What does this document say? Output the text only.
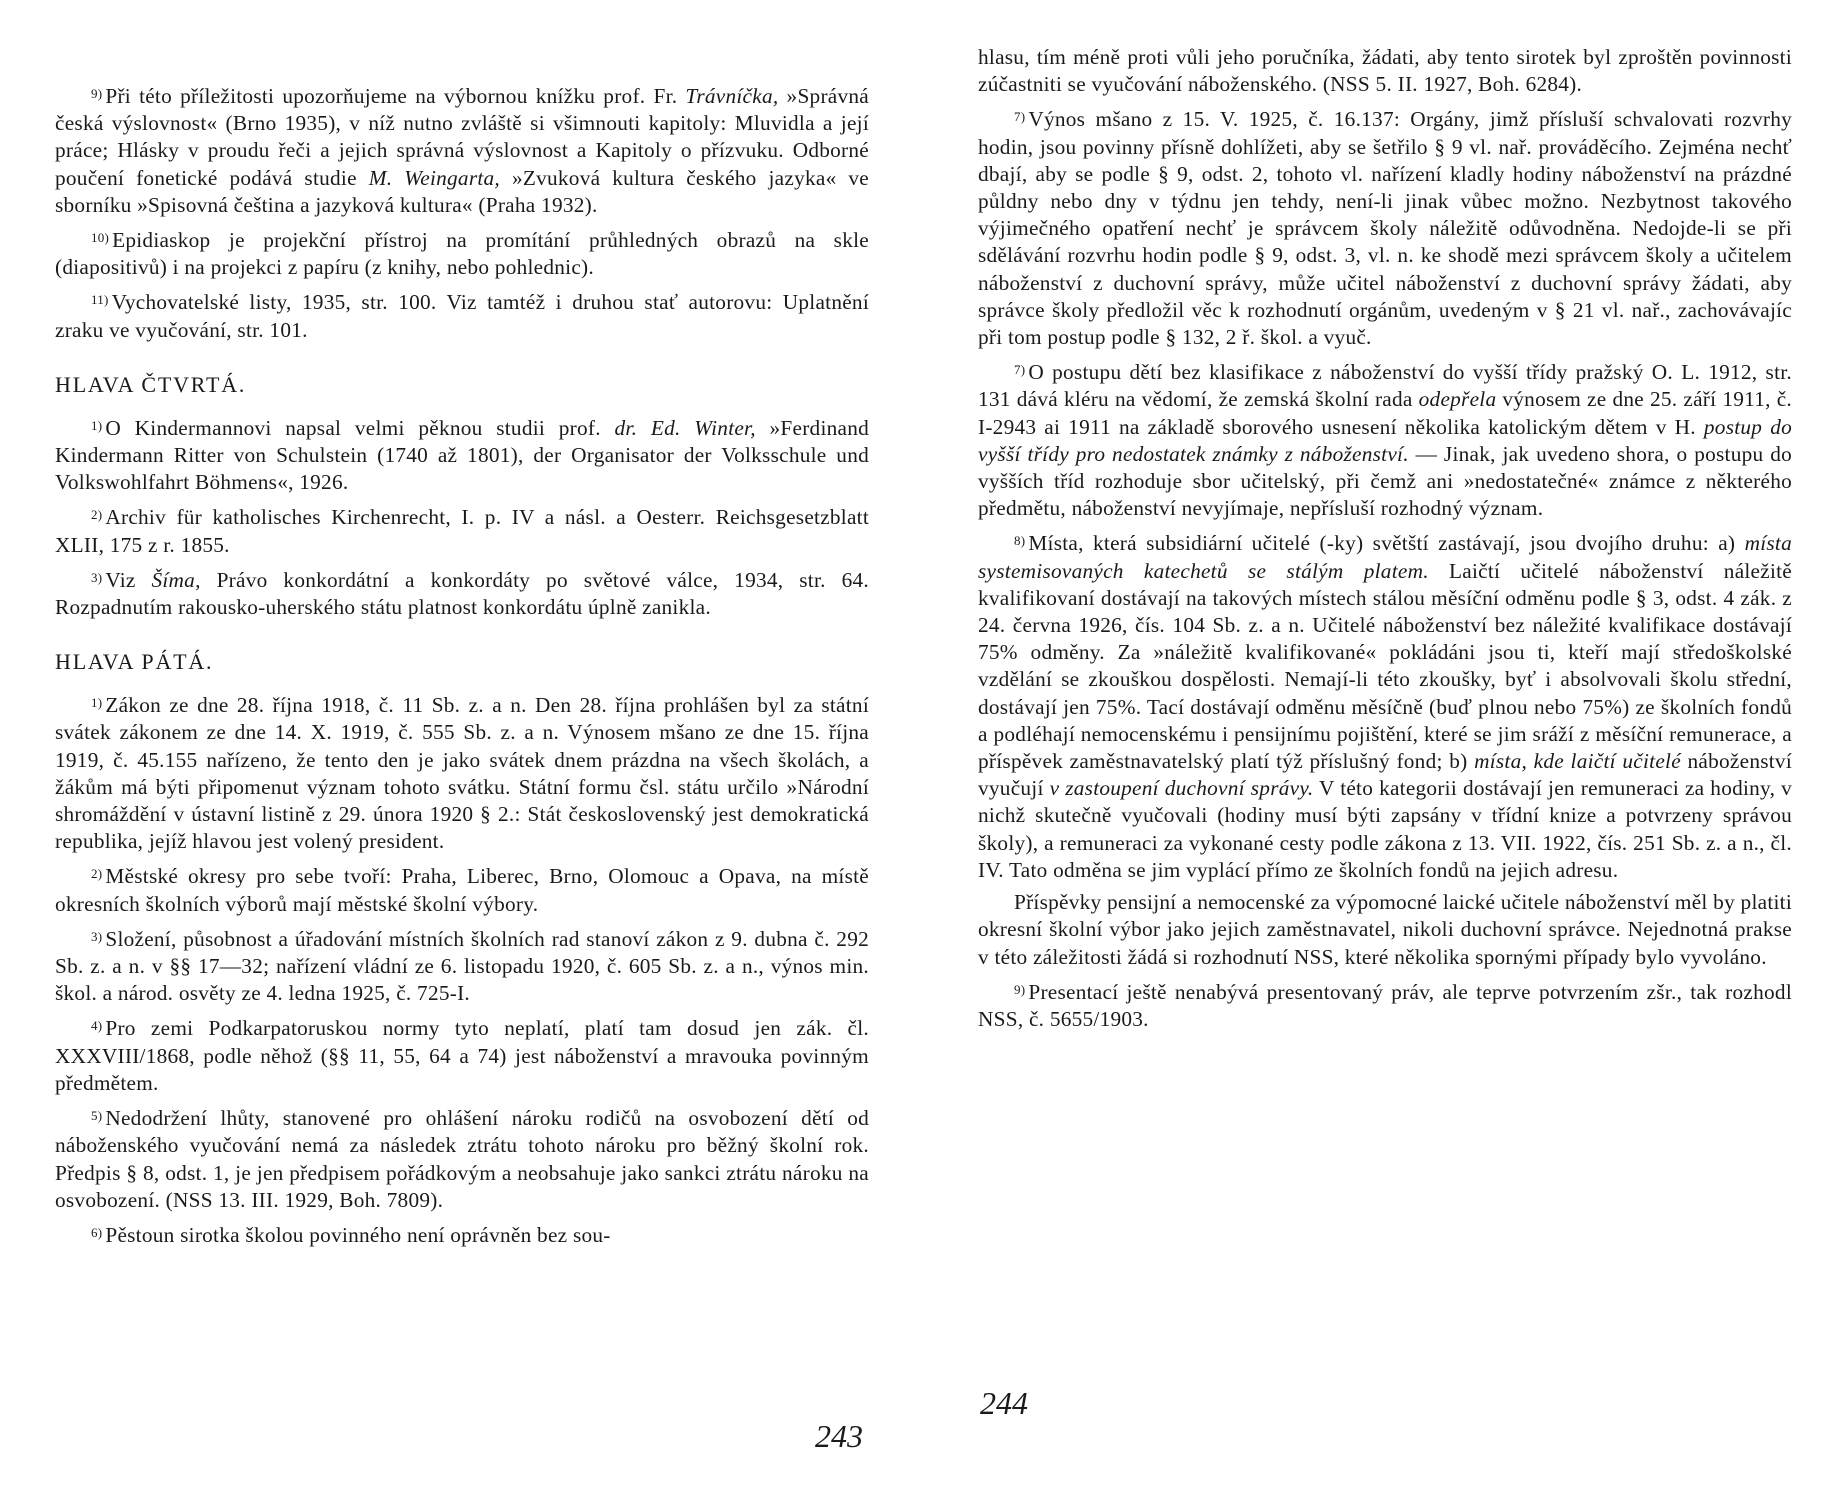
$^{9)}$ Při této příležitosti upozorňujeme na výbornou knížku prof. Fr. Trávníčka, »Správná česká výslovnost« (Brno 1935), v níž nutno zvláště si všimnouti kapitoly: Mluvidla a její práce; Hlásky v proudu řeči a jejich správná výslovnost a Kapitoly o přízvuku. Odborné poučení fonetické podává studie M. Weingarta, »Zvuková kultura českého jazyka« ve sborníku »Spisovná čeština a jazyková kultura« (Praha 1932).

$^{10)}$ Epidiaskop je projekční přístroj na promítání průhledných obrazů na skle (diapositivů) i na projekci z papíru (z knihy, nebo pohlednic).

$^{11)}$ Vychovatelské listy, 1935, str. 100. Viz tamtéž i druhou stať autorovu: Uplatnění zraku ve vyučování, str. 101.

HLAVA ČTVRTÁ.

$^{1)}$ O Kindermannovi napsal velmi pěknou studii prof. dr. Ed. Winter, »Ferdinand Kindermann Ritter von Schulstein (1740 až 1801), der Organisator der Volksschule und Volkswohlfahrt Böhmens«, 1926.

$^{2)}$ Archiv für katholisches Kirchenrecht, I. p. IV a násl. a Oesterr. Reichsgesetzblatt XLII, 175 z r. 1855.

$^{3)}$ Viz Šíma, Právo konkordátní a konkordáty po světové válce, 1934, str. 64. Rozpadnutím rakousko-uherského státu platnost konkordátu úplně zanikla.

HLAVA PÁTÁ.

$^{1)}$ Zákon ze dne 28. října 1918, č. 11 Sb. z. a n. Den 28. října prohlášen byl za státní svátek zákonem ze dne 14. X. 1919, č. 555 Sb. z. a n. Výnosem mšano ze dne 15. října 1919, č. 45.155 nařízeno, že tento den je jako svátek dnem prázdna na všech školách, a žákům má býti připomenut význam tohoto svátku. Státní formu čsl. státu určilo »Národní shromáždění v ústavní listině z 29. února 1920 § 2.: Stát československý jest demokratická republika, jejíž hlavou jest volený president.

$^{2)}$ Městské okresy pro sebe tvoří: Praha, Liberec, Brno, Olomouc a Opava, na místě okresních školních výborů mají městské školní výbory.

$^{3)}$ Složení, působnost a úřadování místních školních rad stanoví zákon z 9. dubna č. 292 Sb. z. a n. v §§ 17—32; nařízení vládní ze 6. listopadu 1920, č. 605 Sb. z. a n., výnos min. škol. a národ. osvěty ze 4. ledna 1925, č. 725-I.

$^{4)}$ Pro zemi Podkarpatoruskou normy tyto neplatí, platí tam dosud jen zák. čl. XXXVIII/1868, podle něhož (§§ 11, 55, 64 a 74) jest náboženství a mravouka povinným předmětem.

$^{5)}$ Nedodržení lhůty, stanovené pro ohlášení nároku rodičů na osvobození dětí od náboženského vyučování nemá za následek ztrátu tohoto nároku pro běžný školní rok. Předpis § 8, odst. 1, je jen předpisem pořádkovým a neobsahuje jako sankci ztrátu nároku na osvobození. (NSS 13. III. 1929, Boh. 7809).

$^{6)}$ Pěstoun sirotka školou povinného není oprávněn bez sou-

243

hlasu, tím méně proti vůli jeho poručníka, žádati, aby tento sirotek byl zproštěn povinnosti zúčastniti se vyučování náboženského. (NSS 5. II. 1927, Boh. 6284).

$^{7)}$ Výnos mšano z 15. V. 1925, č. 16.137: Orgány, jimž přísluší schvalovati rozvrhy hodin, jsou povinny přísně dohlížeti, aby se šetřilo § 9 vl. nař. prováděcího. Zejména nechť dbají, aby se podle § 9, odst. 2, tohoto vl. nařízení kladly hodiny náboženství na prázdné půldny nebo dny v týdnu jen tehdy, není-li jinak vůbec možno. Nezbytnost takového výjimečného opatření nechť je správcem školy náležitě odůvodněna. Nedojde-li se při sdělávání rozvrhu hodin podle § 9, odst. 3, vl. n. ke shodě mezi správcem školy a učitelem náboženství z duchovní správy, může učitel náboženství z duchovní správy žádati, aby správce školy předložil věc k rozhodnutí orgánům, uvedeným v § 21 vl. nař., zachovávajíc při tom postup podle § 132, 2 ř. škol. a vyuč.

$^{7)}$ O postupu dětí bez klasifikace z náboženství do vyšší třídy pražský O. L. 1912, str. 131 dává kléru na vědomí, že zemská školní rada odepřela výnosem ze dne 25. září 1911, č. I-2943 ai 1911 na základě sborového usnesení několika katolickým dětem v H. postup do vyšší třídy pro nedostatek známky z náboženství. — Jinak, jak uvedeno shora, o postupu do vyšších tříd rozhoduje sbor učitelský, při čemž ani »nedostatečné« známce z některého předmětu, náboženství nevyjímaje, nepřísluší rozhodný význam.

$^{8)}$ Místa, která subsidiární učitelé (-ky) světští zastávají, jsou dvojího druhu: a) místa systemisovaných katechetů se stálým platem. Laičtí učitelé náboženství náležitě kvalifikovaní dostávají na takových místech stálou měsíční odměnu podle § 3, odst. 4 zák. z 24. června 1926, čís. 104 Sb. z. a n. Učitelé náboženství bez náležité kvalifikace dostávají 75% odměny. Za »náležitě kvalifikované« pokládáni jsou ti, kteří mají středoškolské vzdělání se zkouškou dospělosti. Nemají-li této zkoušky, byť i absolvovali školu střední, dostávají jen 75%. Tací dostávají odměnu měsíčně (buď plnou nebo 75%) ze školních fondů a podléhají nemocenskému i pensijnímu pojištění, které se jim sráží z měsíční remunerace, a příspěvek zaměstnavatelský platí týž příslušný fond; b) místa, kde laičtí učitelé náboženství vyučují v zastoupení duchovní správy. V této kategorii dostávají jen remuneraci za hodiny, v nichž skutečně vyučovali (hodiny musí býti zapsány v třídní knize a potvrzeny správou školy), a remuneraci za vykonané cesty podle zákona z 13. VII. 1922, čís. 251 Sb. z. a n., čl. IV. Tato odměna se jim vyplácí přímo ze školních fondů na jejich adresu.

Příspěvky pensijní a nemocenské za výpomocné laické učitele náboženství měl by platiti okresní školní výbor jako jejich zaměstnavatel, nikoli duchovní správce. Nejednotná prakse v této záležitosti žádá si rozhodnutí NSS, které několika spornými případy bylo vyvoláno.

$^{9)}$ Presentací ještě nenabývá presentovaný práv, ale teprve potvrzením zšr., tak rozhodl NSS, č. 5655/1903.

244
